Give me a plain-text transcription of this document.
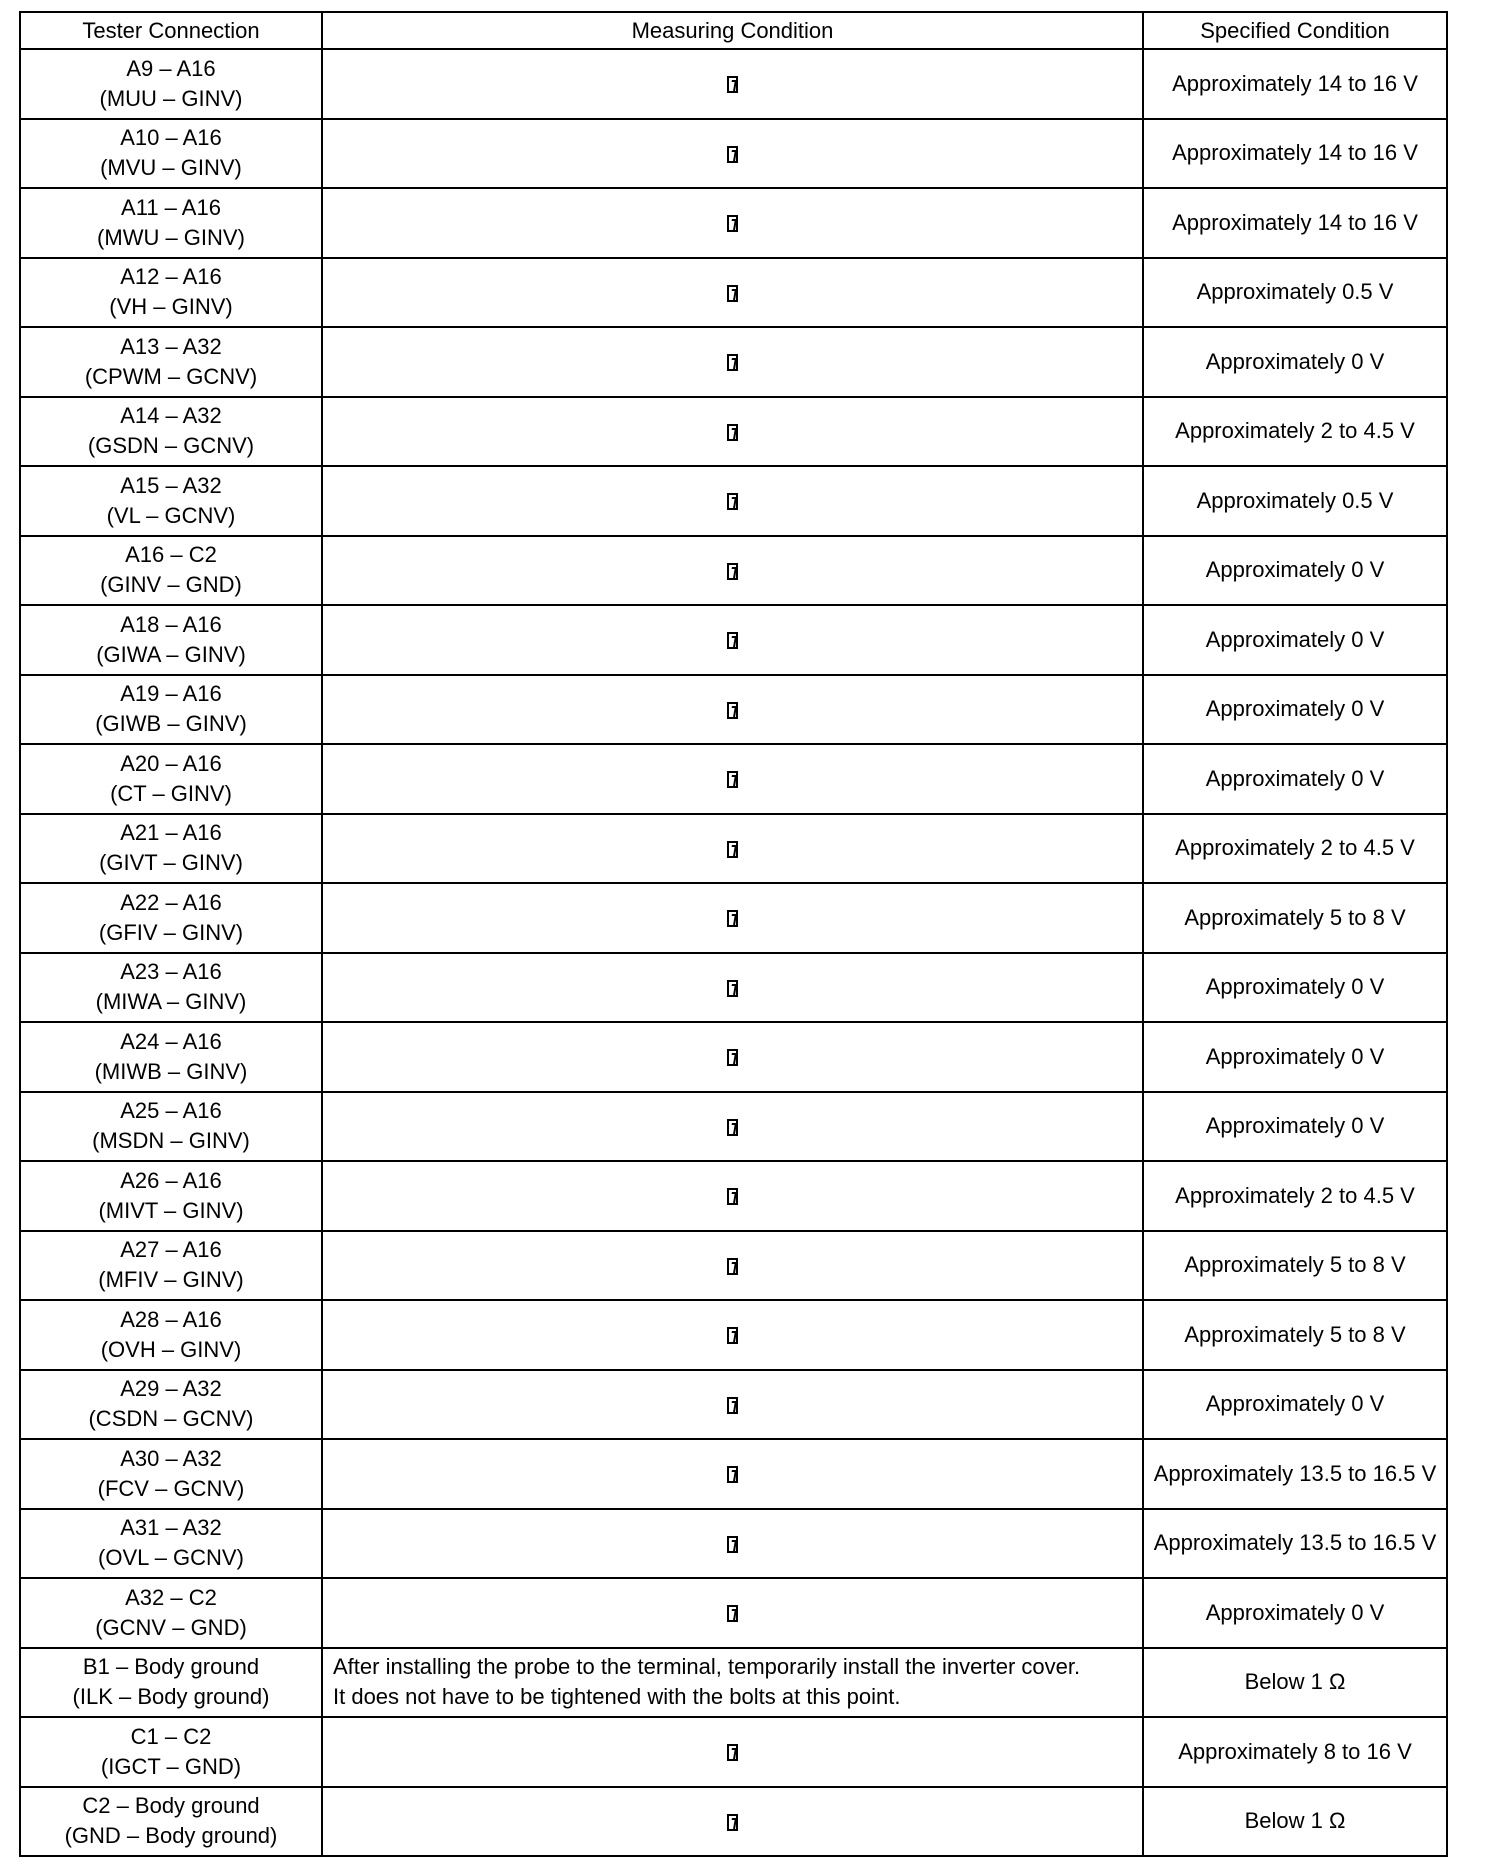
Tester Connection	Measuring Condition	Specified Condition

A9 – A16
(MUU – GINV)		Approximately 14 to 16 V

A10 – A16
(MVU – GINV)		Approximately 14 to 16 V

A11 – A16
(MWU – GINV)		Approximately 14 to 16 V

A12 – A16
(VH – GINV)		Approximately 0.5 V

A13 – A32
(CPWM – GCNV)		Approximately 0 V

A14 – A32
(GSDN – GCNV)		Approximately 2 to 4.5 V

A15 – A32
(VL – GCNV)		Approximately 0.5 V

A16 – C2
(GINV – GND)		Approximately 0 V

A18 – A16
(GIWA – GINV)		Approximately 0 V

A19 – A16
(GIWB – GINV)		Approximately 0 V

A20 – A16
(CT – GINV)		Approximately 0 V

A21 – A16
(GIVT – GINV)		Approximately 2 to 4.5 V

A22 – A16
(GFIV – GINV)		Approximately 5 to 8 V

A23 – A16
(MIWA – GINV)		Approximately 0 V

A24 – A16
(MIWB – GINV)		Approximately 0 V

A25 – A16
(MSDN – GINV)		Approximately 0 V

A26 – A16
(MIVT – GINV)		Approximately 2 to 4.5 V

A27 – A16
(MFIV – GINV)		Approximately 5 to 8 V

A28 – A16
(OVH – GINV)		Approximately 5 to 8 V

A29 – A32
(CSDN – GCNV)		Approximately 0 V

A30 – A32
(FCV – GCNV)		Approximately 13.5 to 16.5 V

A31 – A32
(OVL – GCNV)		Approximately 13.5 to 16.5 V

A32 – C2
(GCNV – GND)		Approximately 0 V

B1 – Body ground
(ILK – Body ground)	After installing the probe to the terminal, temporarily install the inverter cover.
It does not have to be tightened with the bolts at this point.	Below 1 Ω

C1 – C2
(IGCT – GND)		Approximately 8 to 16 V

C2 – Body ground
(GND – Body ground)		Below 1 Ω
